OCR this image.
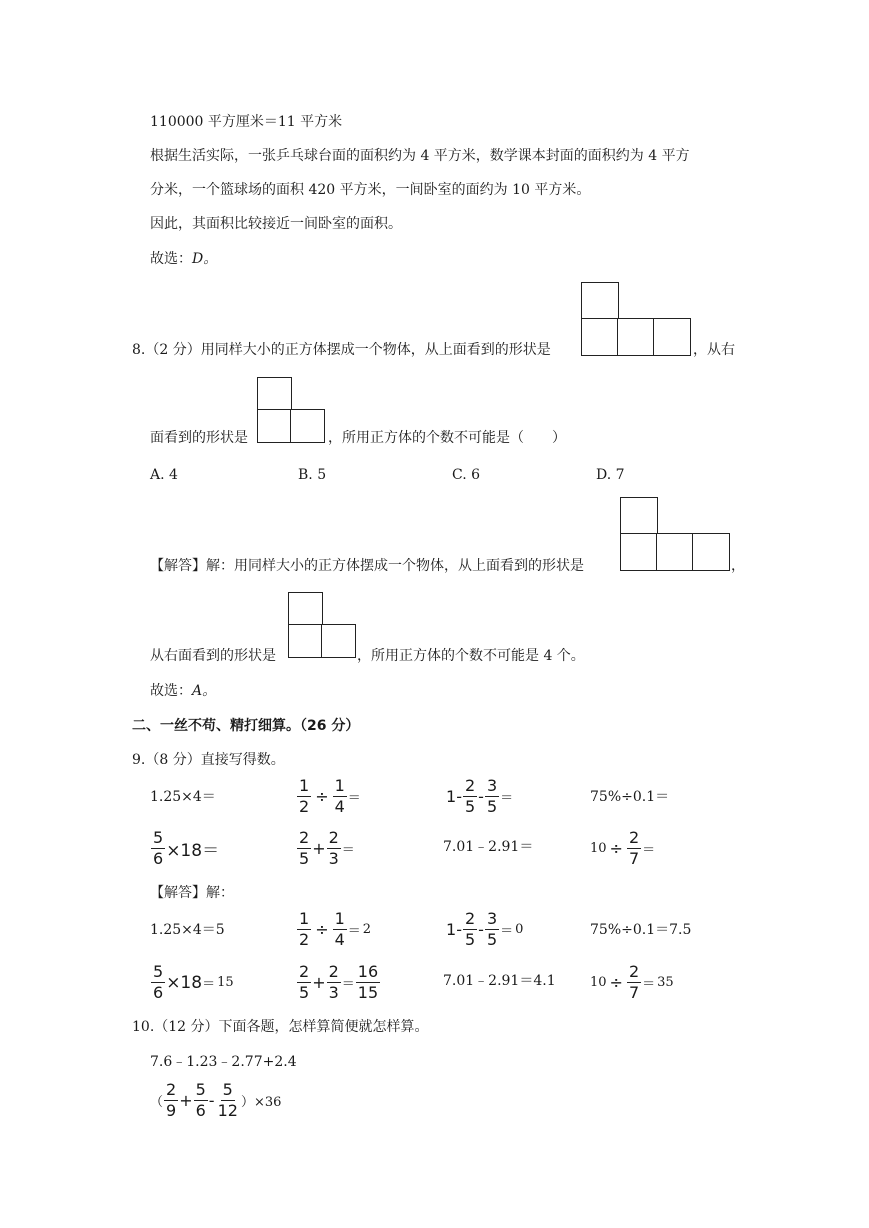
110000 平方厘米＝11 平方米
根据生活实际，一张乒乓球台面的面积约为 4 平方米，数学课本封面的面积约为 4 平方
分米，一个篮球场的面积 420 平方米，一间卧室的面约为 10 平方米。
因此，其面积比较接近一间卧室的面积。
故选：D。
8.（2 分）用同样大小的正方体摆成一个物体，从上面看到的形状是	，从右
面看到的形状是	，所用正方体的个数不可能是（　　）
A. 4	B. 5	C. 6	D. 7
【解答】解：用同样大小的正方体摆成一个物体，从上面看到的形状是	，
从右面看到的形状是	，所用正方体的个数不可能是 4 个。
故选：A。
二、一丝不苟、精打细算。（26 分）
9.（8 分）直接写得数。
1.25×4＝	$\frac{1}{2} \div \frac{1}{4}$ ＝	$1 - \frac{2}{5} - \frac{3}{5}$ ＝	75%÷0.1＝
$\frac{5}{6} \times 18=$	$\frac{2}{5} + \frac{2}{3}$ ＝	7.01﹣2.91＝	$10 \div \frac{2}{7}$ ＝
【解答】解：
1.25×4＝5	$\frac{1}{2} \div \frac{1}{4} = 2$	$1 - \frac{2}{5} - \frac{3}{5} = 0$	75%÷0.1＝7.5
$\frac{5}{6} \times 18 = 15$	$\frac{2}{5} + \frac{2}{3} = \frac{16}{15}$	7.01﹣2.91＝4.1	$10 \div \frac{2}{7} = 35$
10.（12 分）下面各题，怎样算简便就怎样算。
7.6﹣1.23﹣2.77+2.4
（ $\frac{2}{9} + \frac{5}{6} - \frac{5}{12} )\times 36$
